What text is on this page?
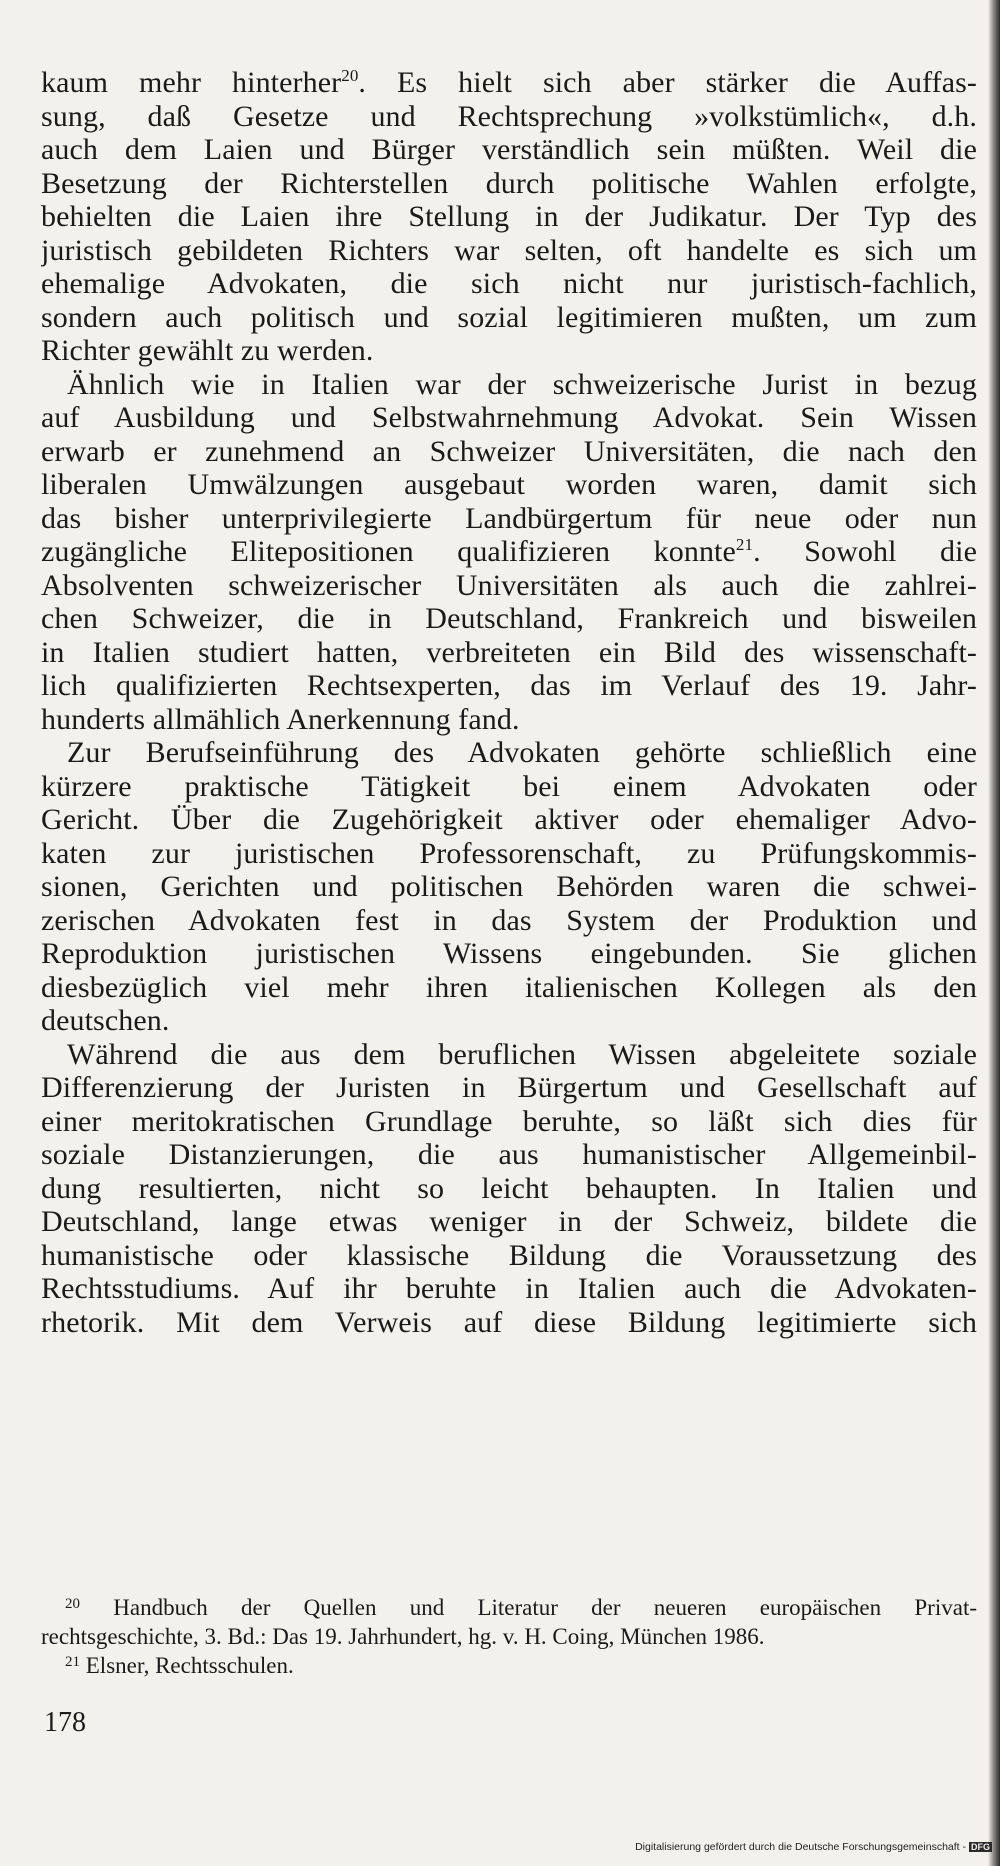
kaum mehr hinterher$^{20}$. Es hielt sich aber stärker die Auffas-
sung, daß Gesetze und Rechtsprechung »volkstümlich«, d.h.
auch dem Laien und Bürger verständlich sein müßten. Weil die
Besetzung der Richterstellen durch politische Wahlen erfolgte,
behielten die Laien ihre Stellung in der Judikatur. Der Typ des
juristisch gebildeten Richters war selten, oft handelte es sich um
ehemalige Advokaten, die sich nicht nur juristisch-fachlich,
sondern auch politisch und sozial legitimieren mußten, um zum
Richter gewählt zu werden.
Ähnlich wie in Italien war der schweizerische Jurist in bezug
auf Ausbildung und Selbstwahrnehmung Advokat. Sein Wissen
erwarb er zunehmend an Schweizer Universitäten, die nach den
liberalen Umwälzungen ausgebaut worden waren, damit sich
das bisher unterprivilegierte Landbürgertum für neue oder nun
zugängliche Elitepositionen qualifizieren konnte$^{21}$. Sowohl die
Absolventen schweizerischer Universitäten als auch die zahlrei-
chen Schweizer, die in Deutschland, Frankreich und bisweilen
in Italien studiert hatten, verbreiteten ein Bild des wissenschaft-
lich qualifizierten Rechtsexperten, das im Verlauf des 19. Jahr-
hunderts allmählich Anerkennung fand.
Zur Berufseinführung des Advokaten gehörte schließlich eine
kürzere praktische Tätigkeit bei einem Advokaten oder
Gericht. Über die Zugehörigkeit aktiver oder ehemaliger Advo-
katen zur juristischen Professorenschaft, zu Prüfungskommis-
sionen, Gerichten und politischen Behörden waren die schwei-
zerischen Advokaten fest in das System der Produktion und
Reproduktion juristischen Wissens eingebunden. Sie glichen
diesbezüglich viel mehr ihren italienischen Kollegen als den
deutschen.
Während die aus dem beruflichen Wissen abgeleitete soziale
Differenzierung der Juristen in Bürgertum und Gesellschaft auf
einer meritokratischen Grundlage beruhte, so läßt sich dies für
soziale Distanzierungen, die aus humanistischer Allgemeinbil-
dung resultierten, nicht so leicht behaupten. In Italien und
Deutschland, lange etwas weniger in der Schweiz, bildete die
humanistische oder klassische Bildung die Voraussetzung des
Rechtsstudiums. Auf ihr beruhte in Italien auch die Advokaten-
rhetorik. Mit dem Verweis auf diese Bildung legitimierte sich
$^{20}$ Handbuch der Quellen und Literatur der neueren europäischen Privat-
rechtsgeschichte, 3. Bd.: Das 19. Jahrhundert, hg. v. H. Coing, München 1986.
$^{21}$ Elsner, Rechtsschulen.
178
Digitalisierung gefördert durch die Deutsche Forschungsgemeinschaft - DFG
